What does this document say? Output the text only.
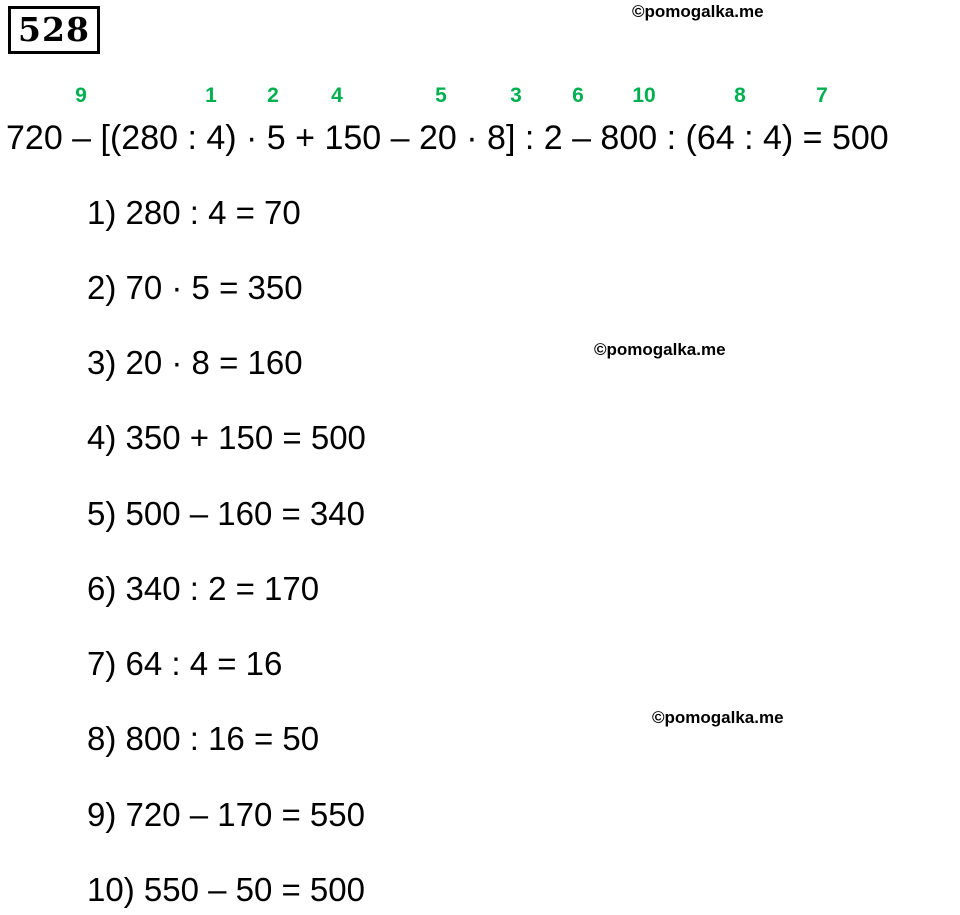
528	©pomogalka.me
©pomogalka.me
©pomogalka.me
9	1 2 4	5	3 6 10	8	7
720 – [(280 : 4) · 5 + 150 – 20 · 8] : 2 – 800 : (64 : 4) = 500
1) 280 : 4 = 70
2) 70 · 5 = 350
3) 20 · 8 = 160
4) 350 + 150 = 500
5) 500 – 160 = 340
6) 340 : 2 = 170
7) 64 : 4 = 16
8) 800 : 16 = 50
9) 720 – 170 = 550
10) 550 – 50 = 500
